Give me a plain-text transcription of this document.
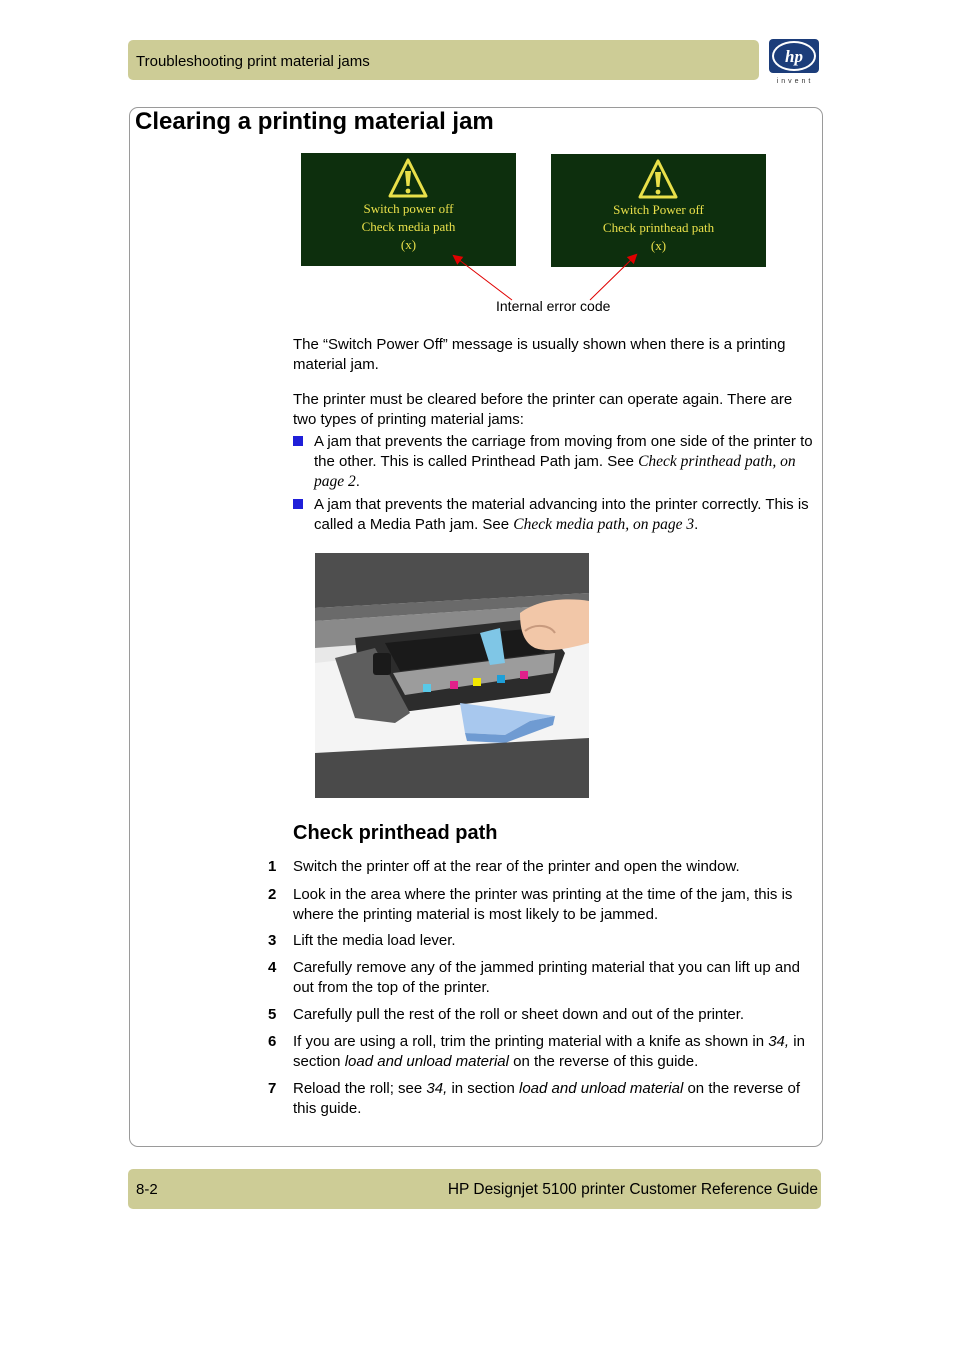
Troubleshooting print material jams	hp
invent
Clearing a printing material jam
Switch power off
Check media path
(x)
Switch Power off
Check printhead path
(x)
Internal error code
The “Switch Power Off” message is usually shown when there is a printing material jam.
The printer must be cleared before the printer can operate again. There are two types of printing material jams:
A jam that prevents the carriage from moving from one side of the printer to the other. This is called Printhead Path jam. See Check printhead path, on page 2.
A jam that prevents the material advancing into the printer correctly. This is called a Media Path jam. See Check media path, on page 3.
Check printhead path
1 Switch the printer off at the rear of the printer and open the window.
2 Look in the area where the printer was printing at the time of the jam, this is where the printing material is most likely to be jammed.
3 Lift the media load lever.
4 Carefully remove any of the jammed printing material that you can lift up and out from the top of the printer.
5 Carefully pull the rest of the roll or sheet down and out of the printer.
6 If you are using a roll, trim the printing material with a knife as shown in 34, in section load and unload material on the reverse of this guide.
7 Reload the roll; see 34, in section load and unload material on the reverse of this guide.
8-2	HP Designjet 5100 printer Customer Reference Guide
